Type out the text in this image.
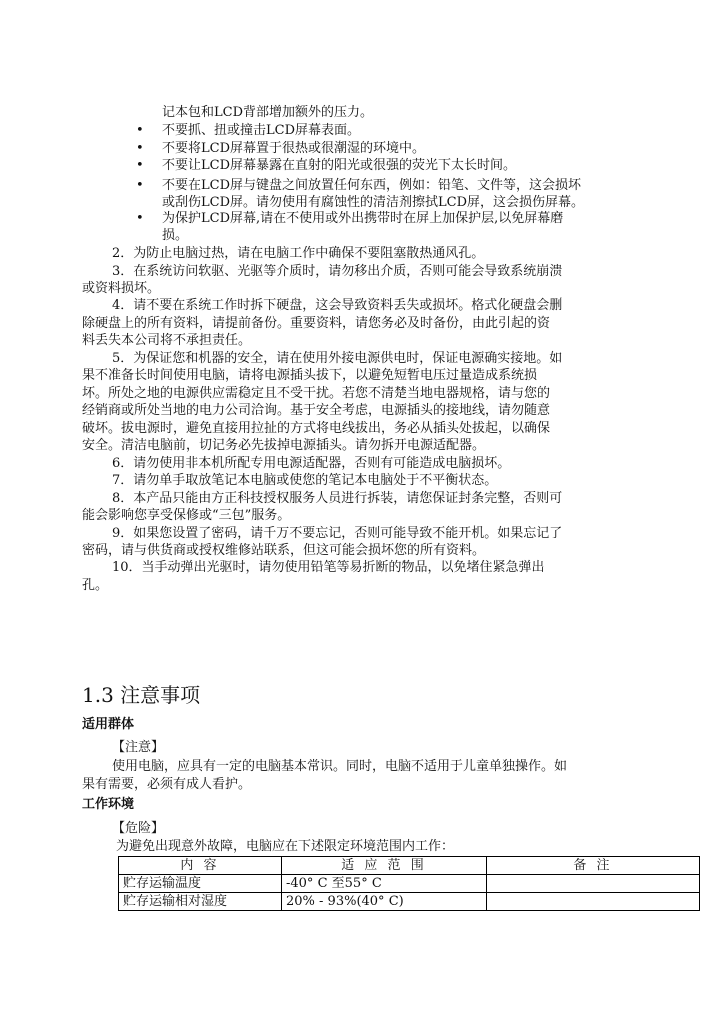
记本包和LCD背部增加额外的压力。
• 不要抓、扭或撞击LCD屏幕表面。
• 不要将LCD屏幕置于很热或很潮湿的环境中。
• 不要让LCD屏幕暴露在直射的阳光或很强的荧光下太长时间。
• 不要在LCD屏与键盘之间放置任何东西，例如：铅笔、文件等，这会损坏
或刮伤LCD屏。请勿使用有腐蚀性的清洁剂擦拭LCD屏，这会损伤屏幕。
• 为保护LCD屏幕,请在不使用或外出携带时在屏上加保护层,以免屏幕磨
损。
2．为防止电脑过热，请在电脑工作中确保不要阻塞散热通风孔。
3．在系统访问软驱、光驱等介质时，请勿移出介质，否则可能会导致系统崩溃
或资料损坏。
4．请不要在系统工作时拆下硬盘，这会导致资料丢失或损坏。格式化硬盘会删
除硬盘上的所有资料，请提前备份。重要资料，请您务必及时备份，由此引起的资
料丢失本公司将不承担责任。
5．为保证您和机器的安全，请在使用外接电源供电时，保证电源确实接地。如
果不准备长时间使用电脑，请将电源插头拔下，以避免短暂电压过量造成系统损
坏。所处之地的电源供应需稳定且不受干扰。若您不清楚当地电器规格，请与您的
经销商或所处当地的电力公司洽询。基于安全考虑，电源插头的接地线，请勿随意
破坏。拔电源时，避免直接用拉扯的方式将电线拔出，务必从插头处拔起，以确保
安全。清洁电脑前，切记务必先拔掉电源插头。请勿拆开电源适配器。
6．请勿使用非本机所配专用电源适配器，否则有可能造成电脑损坏。
7．请勿单手取放笔记本电脑或使您的笔记本电脑处于不平衡状态。
8．本产品只能由方正科技授权服务人员进行拆装，请您保证封条完整，否则可
能会影响您享受保修或“三包”服务。
9．如果您设置了密码，请千万不要忘记，否则可能导致不能开机。如果忘记了
密码，请与供货商或授权维修站联系，但这可能会损坏您的所有资料。
10．当手动弹出光驱时，请勿使用铅笔等易折断的物品，以免堵住紧急弹出
孔。
1.3 注意事项
适用群体
【注意】
使用电脑，应具有一定的电脑基本常识。同时，电脑不适用于儿童单独操作。如
果有需要，必须有成人看护。
工作环境
【危险】
为避免出现意外故障，电脑应在下述限定环境范围内工作：
内 容	适 应 范 围	备 注
贮存运输温度	-40° C 至55° C	
贮存运输相对湿度	20% - 93%(40° C)	
